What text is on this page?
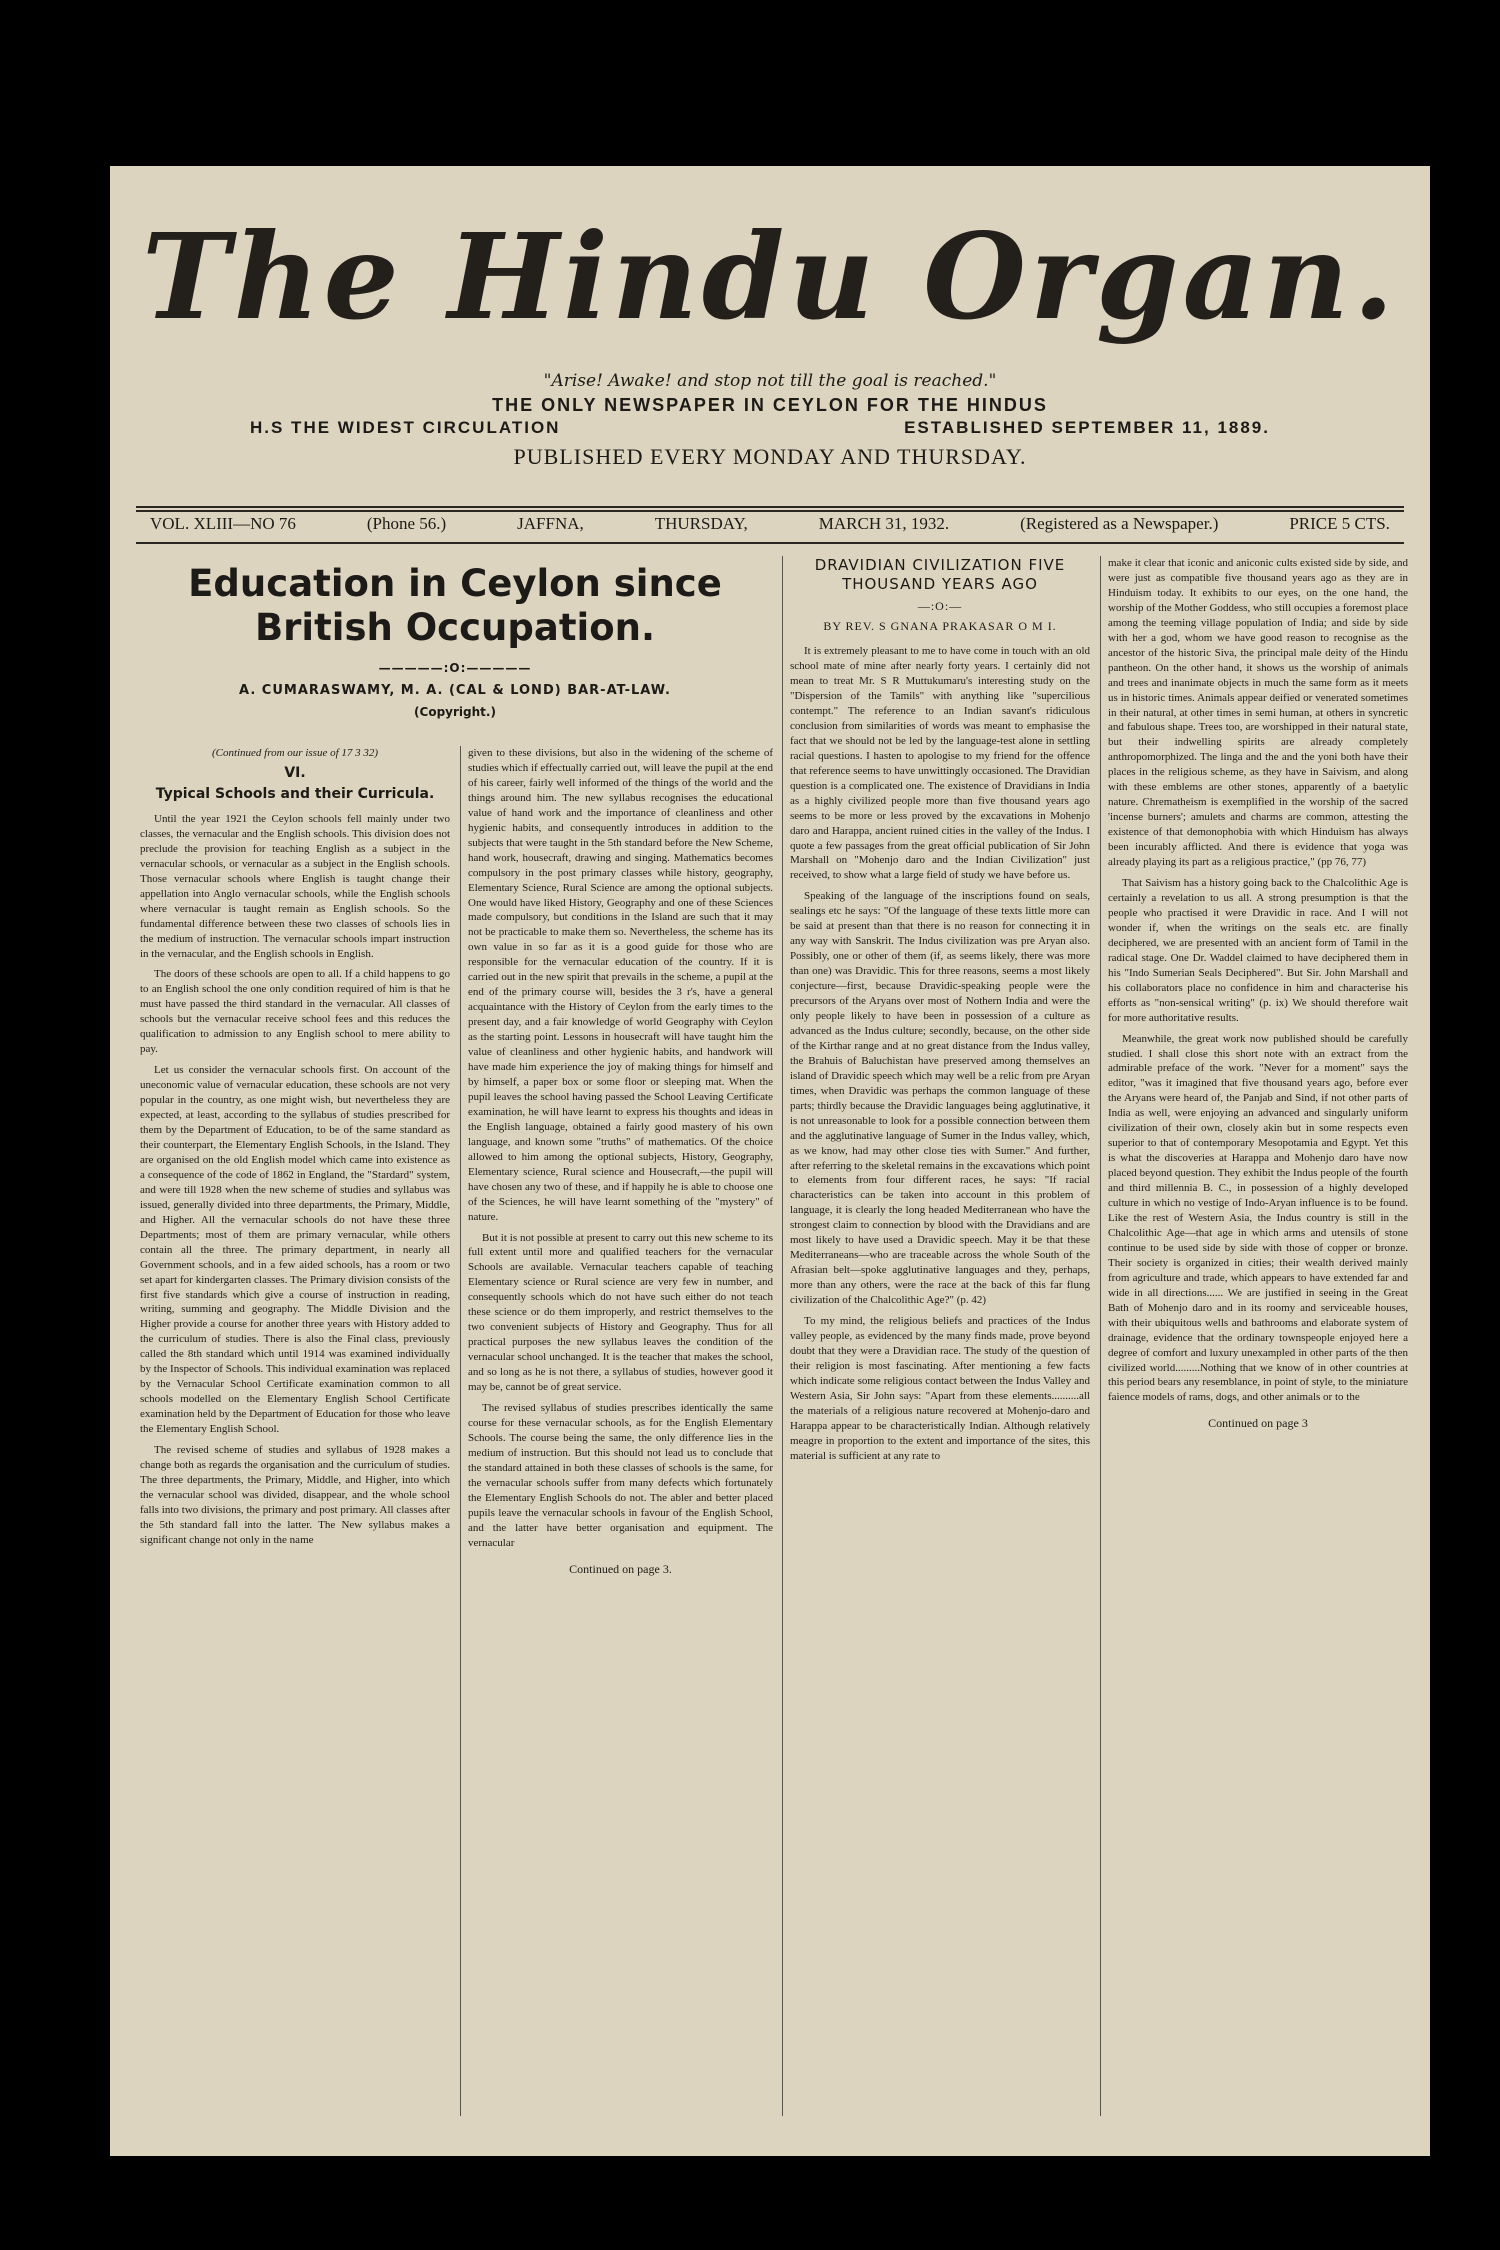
The Hindu Organ.
"Arise! Awake! and stop not till the goal is reached."
THE ONLY NEWSPAPER IN CEYLON FOR THE HINDUS
H.S THE WIDEST CIRCULATION	ESTABLISHED SEPTEMBER 11, 1889.
PUBLISHED EVERY MONDAY AND THURSDAY.
VOL. XLIII—NO 76	(Phone 56.)	JAFFNA,	THURSDAY,	MARCH 31, 1932.	(Registered as a Newspaper.)	PRICE 5 CTS.
Education in Ceylon since British Occupation.
—————:O:—————
A. CUMARASWAMY, M. A. (CAL & LOND) BAR-AT-LAW.
(Copyright.)
(Continued from our issue of 17 3 32)
VI.
Typical Schools and their Curricula.

Until the year 1921 the Ceylon schools fell mainly under two classes, the vernacular and the English schools. This division does not preclude the provision for teaching English as a subject in the vernacular schools, or vernacular as a subject in the English schools. Those vernacular schools where English is taught change their appellation into Anglo vernacular schools, while the English schools where vernacular is taught remain as English schools. So the fundamental difference between these two classes of schools lies in the medium of instruction. The vernacular schools impart instruction in the vernacular, and the English schools in English.

The doors of these schools are open to all. If a child happens to go to an English school the one only condition required of him is that he must have passed the third standard in the vernacular. All classes of schools but the vernacular receive school fees and this reduces the qualification to admission to any English school to mere ability to pay.

Let us consider the vernacular schools first. On account of the uneconomic value of vernacular education, these schools are not very popular in the country, as one might wish, but nevertheless they are expected, at least, according to the syllabus of studies prescribed for them by the Department of Education, to be of the same standard as their counterpart, the Elementary English Schools, in the Island. They are organised on the old English model which came into existence as a consequence of the code of 1862 in England, the "Stardard" system, and were till 1928 when the new scheme of studies and syllabus was issued, generally divided into three departments, the Primary, Middle, and Higher. All the vernacular schools do not have these three Departments; most of them are primary vernacular, while others contain all the three. The primary department, in nearly all Government schools, and in a few aided schools, has a room or two set apart for kindergarten classes. The Primary division consists of the first five standards which give a course of instruction in reading, writing, summing and geography. The Middle Division and the Higher provide a course for another three years with History added to the curriculum of studies. There is also the Final class, previously called the 8th standard which until 1914 was examined individually by the Inspector of Schools. This individual examination was replaced by the Vernacular School Certificate examination common to all schools modelled on the Elementary English School Certificate examination held by the Department of Education for those who leave the Elementary English School.

The revised scheme of studies and syllabus of 1928 makes a change both as regards the organisation and the curriculum of studies. The three departments, the Primary, Middle, and Higher, into which the vernacular school was divided, disappear, and the whole school falls into two divisions, the primary and post primary. All classes after the 5th standard fall into the latter. The New syllabus makes a significant change not only in the name

given to these divisions, but also in the widening of the scheme of studies which if effectually carried out, will leave the pupil at the end of his career, fairly well informed of the things of the world and the things around him. The new syllabus recognises the educational value of hand work and the importance of cleanliness and other hygienic habits, and consequently introduces in addition to the subjects that were taught in the 5th standard before the New Scheme, hand work, housecraft, drawing and singing. Mathematics becomes compulsory in the post primary classes while history, geography, Elementary Science, Rural Science are among the optional subjects. One would have liked History, Geography and one of these Sciences made compulsory, but conditions in the Island are such that it may not be practicable to make them so. Nevertheless, the scheme has its own value in so far as it is a good guide for those who are responsible for the vernacular education of the country. If it is carried out in the new spirit that prevails in the scheme, a pupil at the end of the primary course will, besides the 3 r's, have a general acquaintance with the History of Ceylon from the early times to the present day, and a fair knowledge of world Geography with Ceylon as the starting point. Lessons in housecraft will have taught him the value of cleanliness and other hygienic habits, and handwork will have made him experience the joy of making things for himself and by himself, a paper box or some floor or sleeping mat. When the pupil leaves the school having passed the School Leaving Certificate examination, he will have learnt to express his thoughts and ideas in the English language, obtained a fairly good mastery of his own language, and known some "truths" of mathematics. Of the choice allowed to him among the optional subjects, History, Geography, Elementary science, Rural science and Housecraft,—the pupil will have chosen any two of these, and if happily he is able to choose one of the Sciences, he will have learnt something of the "mystery" of nature.

But it is not possible at present to carry out this new scheme to its full extent until more and qualified teachers for the vernacular Schools are available. Vernacular teachers capable of teaching Elementary science or Rural science are very few in number, and consequently schools which do not have such either do not teach these science or do them improperly, and restrict themselves to the two convenient subjects of History and Geography. Thus for all practical purposes the new syllabus leaves the condition of the vernacular school unchanged. It is the teacher that makes the school, and so long as he is not there, a syllabus of studies, however good it may be, cannot be of great service.

The revised syllabus of studies prescribes identically the same course for these vernacular schools, as for the English Elementary Schools. The course being the same, the only difference lies in the medium of instruction. But this should not lead us to conclude that the standard attained in both these classes of schools is the same, for the vernacular schools suffer from many defects which fortunately the Elementary English Schools do not. The abler and better placed pupils leave the vernacular schools in favour of the English School, and the latter have better organisation and equipment. The vernacular

Continued on page 3.
DRAVIDIAN CIVILIZATION FIVE THOUSAND YEARS AGO
—:O:—
BY REV. S GNANA PRAKASAR O M I.

It is extremely pleasant to me to have come in touch with an old school mate of mine after nearly forty years. I certainly did not mean to treat Mr. S R Muttukumaru's interesting study on the "Dispersion of the Tamils" with anything like "supercilious contempt." The reference to an Indian savant's ridiculous conclusion from similarities of words was meant to emphasise the fact that we should not be led by the language-test alone in settling racial questions. I hasten to apologise to my friend for the offence that reference seems to have unwittingly occasioned. The Dravidian question is a complicated one. The existence of Dravidians in India as a highly civilized people more than five thousand years ago seems to be more or less proved by the excavations in Mohenjo daro and Harappa, ancient ruined cities in the valley of the Indus. I quote a few passages from the great official publication of Sir John Marshall on "Mohenjo daro and the Indian Civilization" just received, to show what a large field of study we have before us.

Speaking of the language of the inscriptions found on seals, sealings etc he says: "Of the language of these texts little more can be said at present than that there is no reason for connecting it in any way with Sanskrit. The Indus civilization was pre Aryan also. Possibly, one or other of them (if, as seems likely, there was more than one) was Dravidic. This for three reasons, seems a most likely conjecture—first, because Dravidic-speaking people were the precursors of the Aryans over most of Nothern India and were the only people likely to have been in possession of a culture as advanced as the Indus culture; secondly, because, on the other side of the Kirthar range and at no great distance from the Indus valley, the Brahuis of Baluchistan have preserved among themselves an island of Dravidic speech which may well be a relic from pre Aryan times, when Dravidic was perhaps the common language of these parts; thirdly because the Dravidic languages being agglutinative, it is not unreasonable to look for a possible connection between them and the agglutinative language of Sumer in the Indus valley, which, as we know, had may other close ties with Sumer." And further, after referring to the skeletal remains in the excavations which point to elements from four different races, he says: "If racial characteristics can be taken into account in this problem of language, it is clearly the long headed Mediterranean who have the strongest claim to connection by blood with the Dravidians and are most likely to have used a Dravidic speech. May it be that these Mediterraneans—who are traceable across the whole South of the Afrasian belt—spoke agglutinative languages and they, perhaps, more than any others, were the race at the back of this far flung civilization of the Chalcolithic Age?" (p. 42)

To my mind, the religious beliefs and practices of the Indus valley people, as evidenced by the many finds made, prove beyond doubt that they were a Dravidian race. The study of the question of their religion is most fascinating. After mentioning a few facts which indicate some religious contact between the Indus Valley and Western Asia, Sir John says: "Apart from these elements..........all the materials of a religious nature recovered at Mohenjo-daro and Harappa appear to be characteristically Indian. Although relatively meagre in proportion to the extent and importance of the sites, this material is sufficient at any rate to

make it clear that iconic and aniconic cults existed side by side, and were just as compatible five thousand years ago as they are in Hinduism today. It exhibits to our eyes, on the one hand, the worship of the Mother Goddess, who still occupies a foremost place among the teeming village population of India; and side by side with her a god, whom we have good reason to recognise as the ancestor of the historic Siva, the principal male deity of the Hindu pantheon. On the other hand, it shows us the worship of animals and trees and inanimate objects in much the same form as it meets us in historic times. Animals appear deified or venerated sometimes in their natural, at other times in semi human, at others in syncretic and fabulous shape. Trees too, are worshipped in their natural state, but their indwelling spirits are already completely anthropomorphized. The linga and the and the yoni both have their places in the religious scheme, as they have in Saivism, and along with these emblems are other stones, apparently of a baetylic nature. Chrematheism is exemplified in the worship of the sacred 'incense burners'; amulets and charms are common, attesting the existence of that demonophobia with which Hinduism has always been incurably afflicted. And there is evidence that yoga was already playing its part as a religious practice," (pp 76, 77)

That Saivism has a history going back to the Chalcolithic Age is certainly a revelation to us all. A strong presumption is that the people who practised it were Dravidic in race. And I will not wonder if, when the writings on the seals etc. are finally deciphered, we are presented with an ancient form of Tamil in the radical stage. One Dr. Waddel claimed to have deciphered them in his "Indo Sumerian Seals Deciphered". But Sir. John Marshall and his collaborators place no confidence in him and characterise his efforts as "non-sensical writing" (p. ix) We should therefore wait for more authoritative results.

Meanwhile, the great work now published should be carefully studied. I shall close this short note with an extract from the admirable preface of the work. "Never for a moment" says the editor, "was it imagined that five thousand years ago, before ever the Aryans were heard of, the Panjab and Sind, if not other parts of India as well, were enjoying an advanced and singularly uniform civilization of their own, closely akin but in some respects even superior to that of contemporary Mesopotamia and Egypt. Yet this is what the discoveries at Harappa and Mohenjo daro have now placed beyond question. They exhibit the Indus people of the fourth and third millennia B. C., in possession of a highly developed culture in which no vestige of Indo-Aryan influence is to be found. Like the rest of Western Asia, the Indus country is still in the Chalcolithic Age—that age in which arms and utensils of stone continue to be used side by side with those of copper or bronze. Their society is organized in cities; their wealth derived mainly from agriculture and trade, which appears to have extended far and wide in all directions...... We are justified in seeing in the Great Bath of Mohenjo daro and in its roomy and serviceable houses, with their ubiquitous wells and bathrooms and elaborate system of drainage, evidence that the ordinary townspeople enjoyed here a degree of comfort and luxury unexampled in other parts of the then civilized world.........Nothing that we know of in other countries at this period bears any resemblance, in point of style, to the miniature faience models of rams, dogs, and other animals or to the

Continued on page 3
